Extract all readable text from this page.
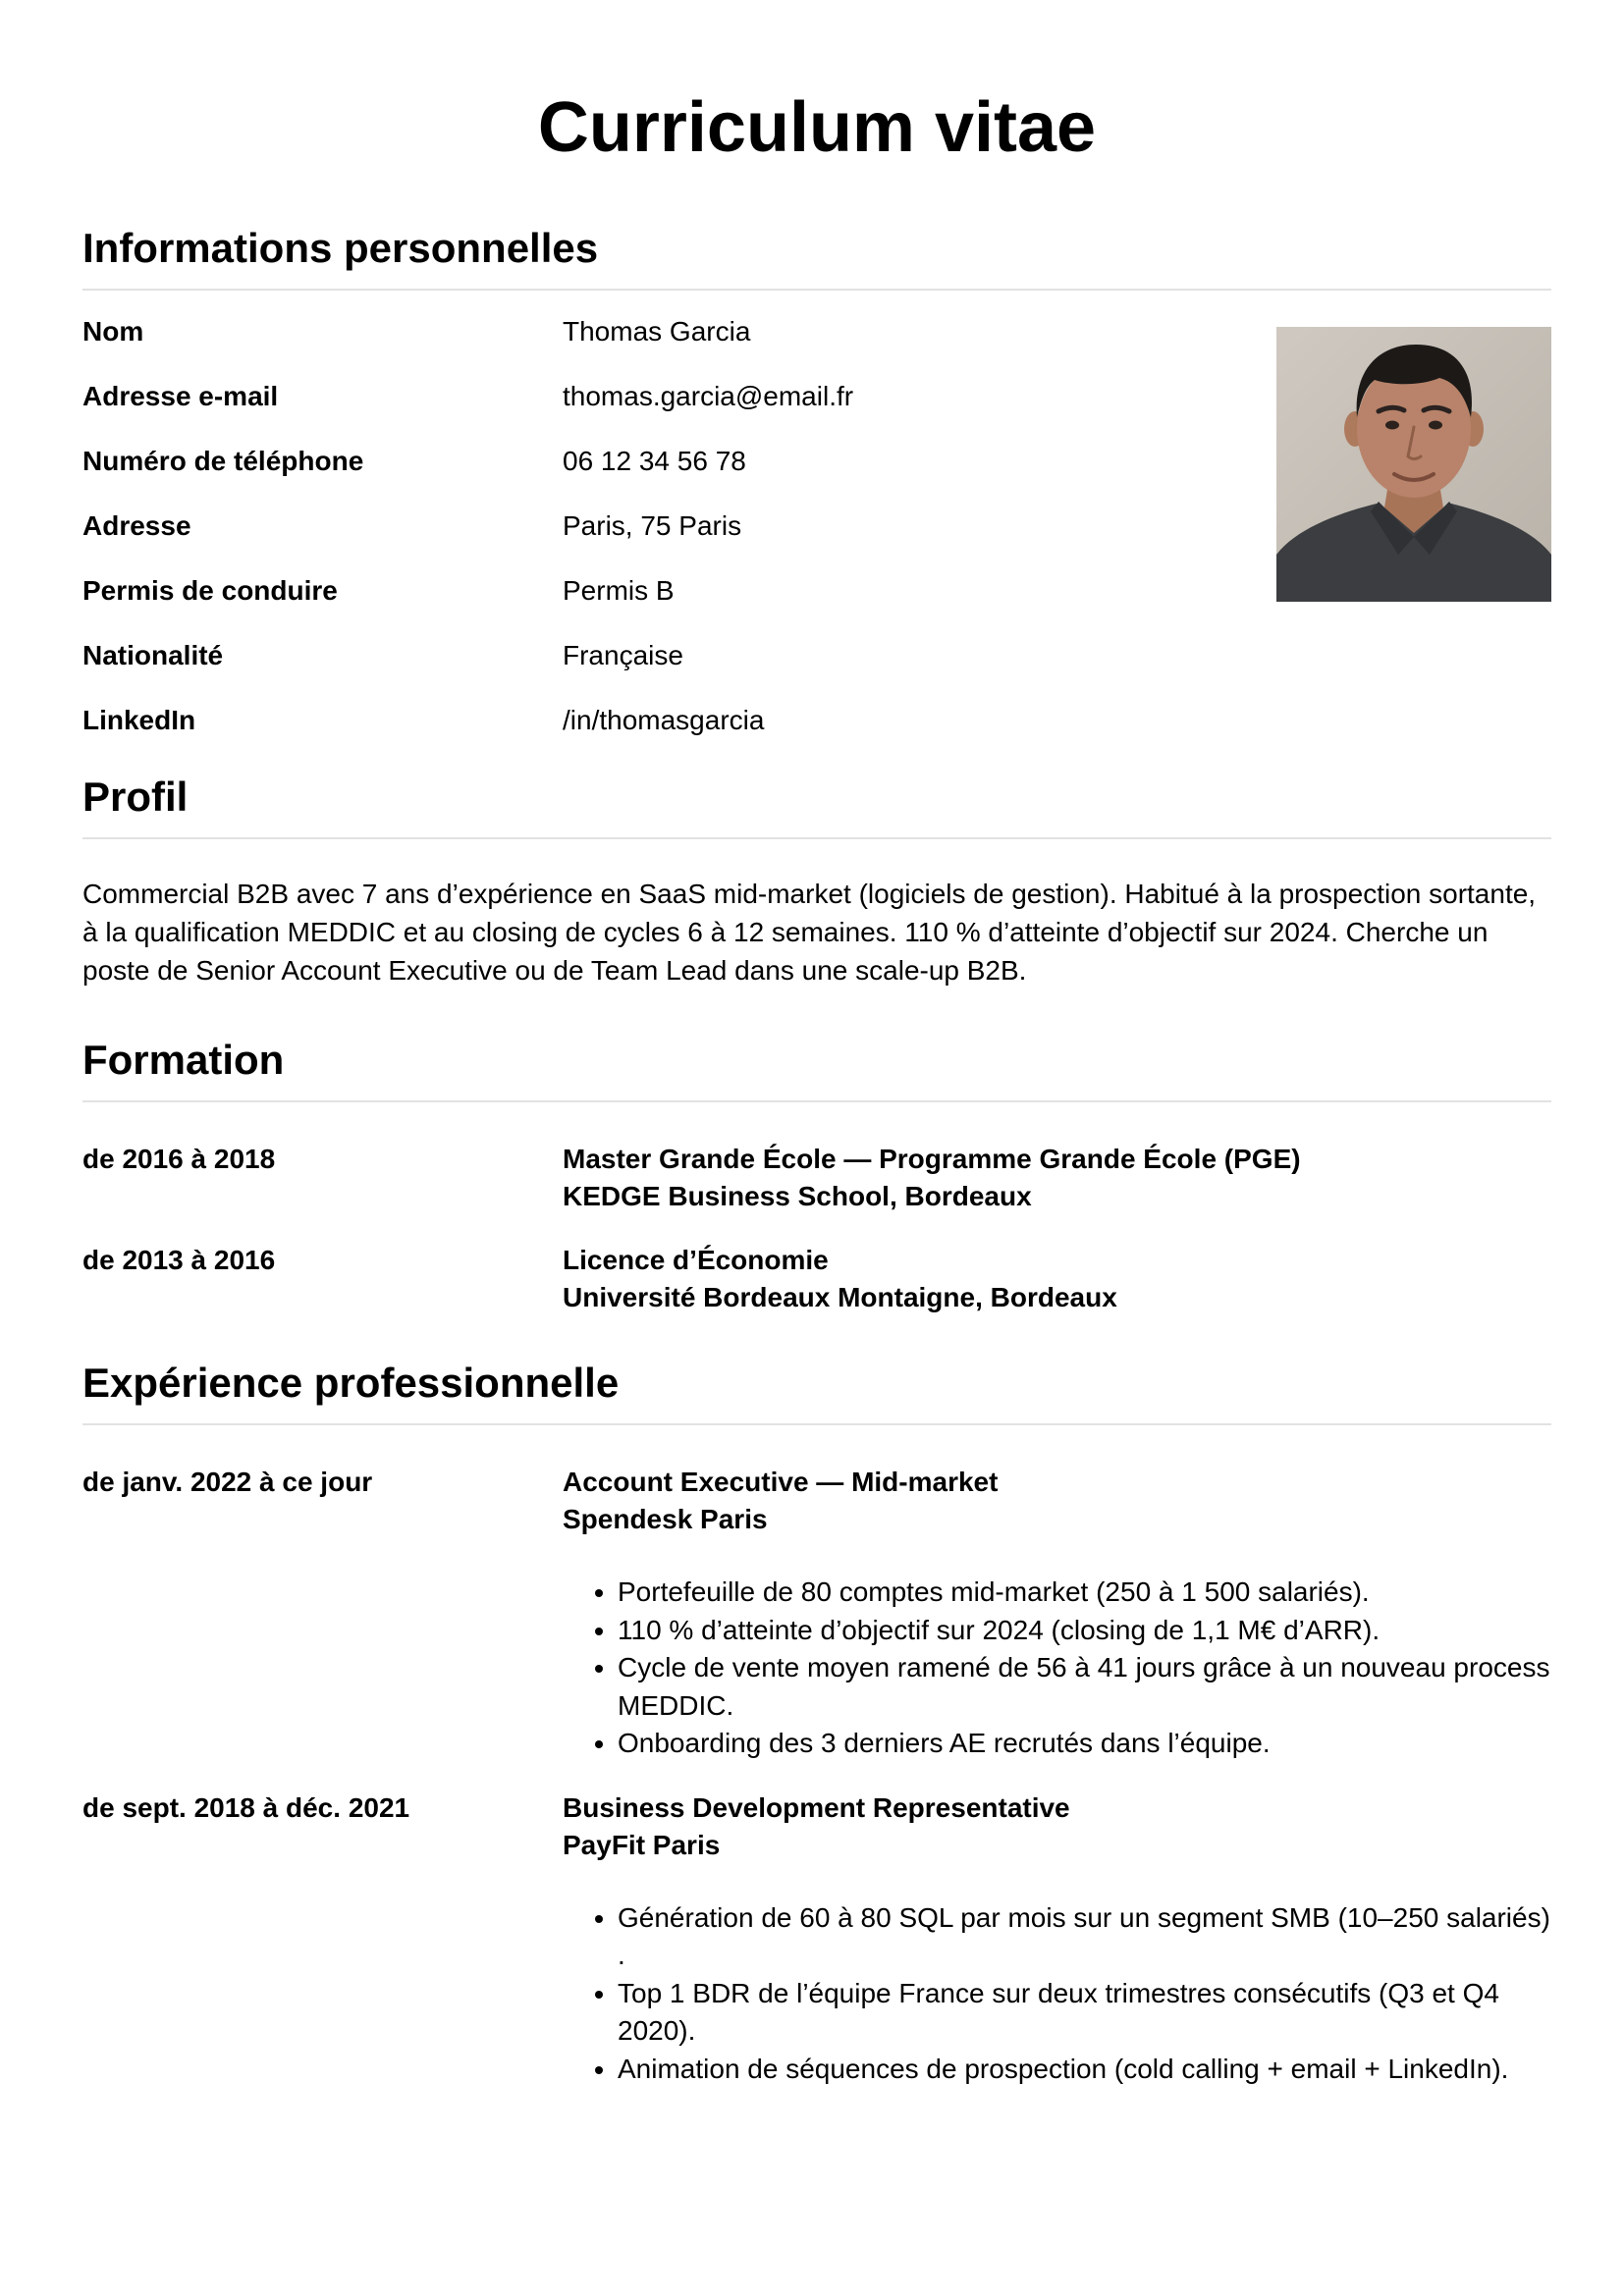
Curriculum vitae
Informations personnelles
Nom	Thomas Garcia
Adresse e-mail	thomas.garcia@email.fr
Numéro de téléphone	06 12 34 56 78
Adresse	Paris, 75 Paris
Permis de conduire	Permis B
Nationalité	Française
LinkedIn	/in/thomasgarcia
Profil

Commercial B2B avec 7 ans d’expérience en SaaS mid-market (logiciels de gestion). Habitué à la prospection sortante, à la qualification MEDDIC et au closing de cycles 6 à 12 semaines. 110 % d’atteinte d’objectif sur 2024. Cherche un poste de Senior Account Executive ou de Team Lead dans une scale-up B2B.

Formation
de 2016 à 2018	Master Grande École — Programme Grande École (PGE)
KEDGE Business School, Bordeaux
de 2013 à 2016	Licence d’Économie
Université Bordeaux Montaigne, Bordeaux
Expérience professionnelle
de janv. 2022 à ce jour	Account Executive — Mid-market
Spendesk Paris
• Portefeuille de 80 comptes mid-market (250 à 1 500 salariés).
• 110 % d’atteinte d’objectif sur 2024 (closing de 1,1 M€ d’ARR).
• Cycle de vente moyen ramené de 56 à 41 jours grâce à un nouveau process MEDDIC.
• Onboarding des 3 derniers AE recrutés dans l’équipe.
de sept. 2018 à déc. 2021	Business Development Representative
PayFit Paris
• Génération de 60 à 80 SQL par mois sur un segment SMB (10–250 salariés) .
• Top 1 BDR de l’équipe France sur deux trimestres consécutifs (Q3 et Q4 2020).
• Animation de séquences de prospection (cold calling + email + LinkedIn).
